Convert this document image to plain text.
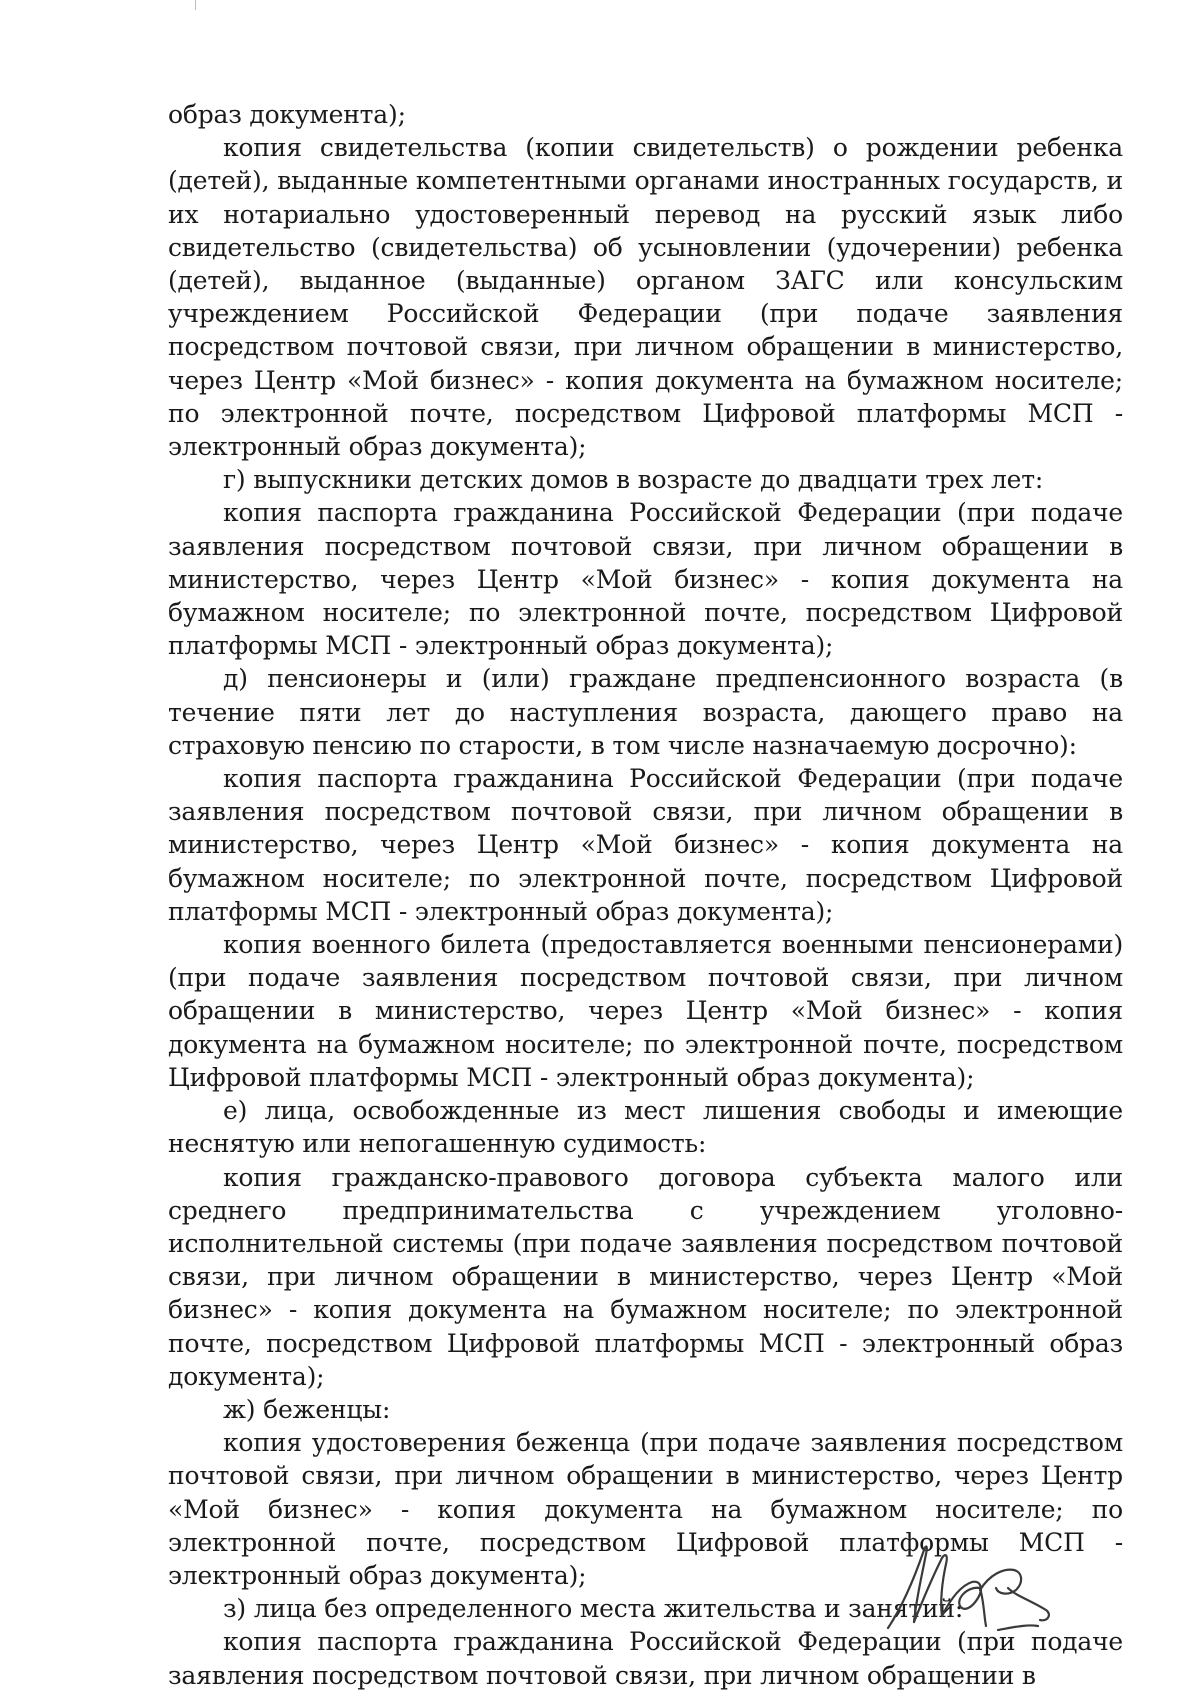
образ документа);

копия свидетельства (копии свидетельств) о рождении ребенка (детей), выданные компетентными органами иностранных государств, и их нотариально удостоверенный перевод на русский язык либо свидетельство (свидетельства) об усыновлении (удочерении) ребенка (детей), выданное (выданные) органом ЗАГС или консульским учреждением Российской Федерации (при подаче заявления посредством почтовой связи, при личном обращении в министерство, через Центр «Мой бизнес» - копия документа на бумажном носителе; по электронной почте, посредством Цифровой платформы МСП - электронный образ документа);

г) выпускники детских домов в возрасте до двадцати трех лет:

копия паспорта гражданина Российской Федерации (при подаче заявления посредством почтовой связи, при личном обращении в министерство, через Центр «Мой бизнес» - копия документа на бумажном носителе; по электронной почте, посредством Цифровой платформы МСП - электронный образ документа);

д) пенсионеры и (или) граждане предпенсионного возраста (в течение пяти лет до наступления возраста, дающего право на страховую пенсию по старости, в том числе назначаемую досрочно):

копия паспорта гражданина Российской Федерации (при подаче заявления посредством почтовой связи, при личном обращении в министерство, через Центр «Мой бизнес» - копия документа на бумажном носителе; по электронной почте, посредством Цифровой платформы МСП - электронный образ документа);

копия военного билета (предоставляется военными пенсионерами) (при подаче заявления посредством почтовой связи, при личном обращении в министерство, через Центр «Мой бизнес» - копия документа на бумажном носителе; по электронной почте, посредством Цифровой платформы МСП - электронный образ документа);

е) лица, освобожденные из мест лишения свободы и имеющие неснятую или непогашенную судимость:

копия гражданско-правового договора субъекта малого или среднего предпринимательства с учреждением уголовно-исполнительной системы (при подаче заявления посредством почтовой связи, при личном обращении в министерство, через Центр «Мой бизнес» - копия документа на бумажном носителе; по электронной почте, посредством Цифровой платформы МСП - электронный образ документа);

ж) беженцы:

копия удостоверения беженца (при подаче заявления посредством почтовой связи, при личном обращении в министерство, через Центр «Мой бизнес» - копия документа на бумажном носителе; по электронной почте, посредством Цифровой платформы МСП - электронный образ документа);

з) лица без определенного места жительства и занятий:

копия паспорта гражданина Российской Федерации (при подаче заявления посредством почтовой связи, при личном обращении в
